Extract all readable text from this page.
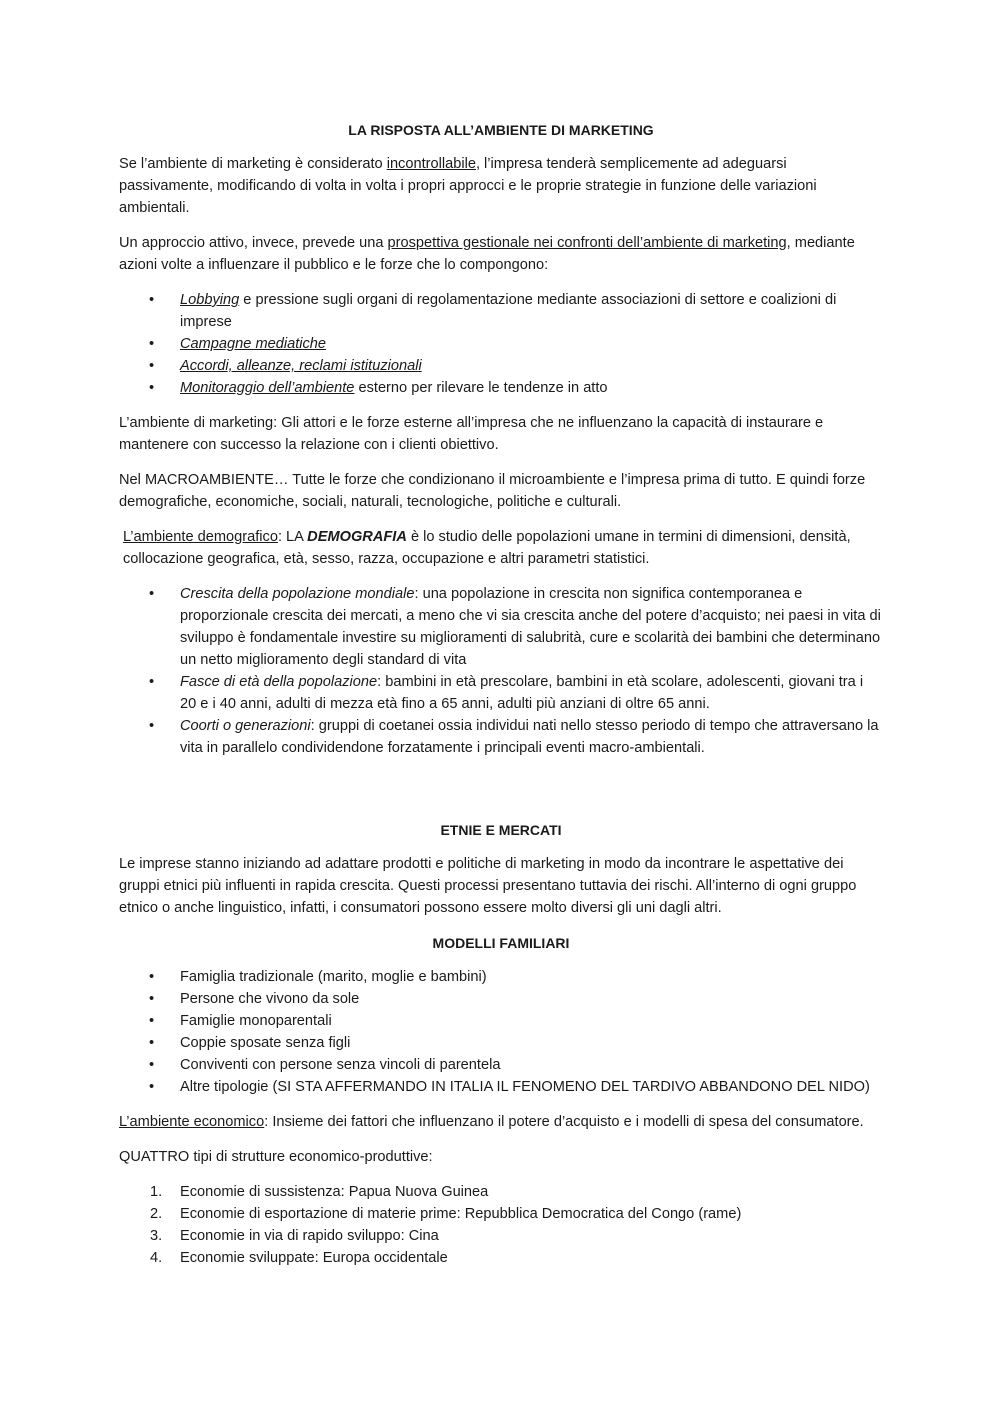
LA RISPOSTA ALL’AMBIENTE DI MARKETING

Se l’ambiente di marketing è considerato incontrollabile, l’impresa tenderà semplicemente ad adeguarsi passivamente, modificando di volta in volta i propri approcci e le proprie strategie in funzione delle variazioni ambientali.

Un approccio attivo, invece, prevede una prospettiva gestionale nei confronti dell’ambiente di marketing, mediante azioni volte a influenzare il pubblico e le forze che lo compongono:

•	Lobbying e pressione sugli organi di regolamentazione mediante associazioni di settore e coalizioni di imprese
•	Campagne mediatiche
•	Accordi, alleanze, reclami istituzionali
•	Monitoraggio dell’ambiente esterno per rilevare le tendenze in atto

L’ambiente di marketing: Gli attori e le forze esterne all’impresa che ne influenzano la capacità di instaurare e mantenere con successo la relazione con i clienti obiettivo.

Nel MACROAMBIENTE… Tutte le forze che condizionano il microambiente e l’impresa prima di tutto. E quindi forze demografiche, economiche, sociali, naturali, tecnologiche, politiche e culturali.

L’ambiente demografico: LA DEMOGRAFIA è lo studio delle popolazioni umane in termini di dimensioni, densità, collocazione geografica, età, sesso, razza, occupazione e altri parametri statistici.

•	Crescita della popolazione mondiale: una popolazione in crescita non significa contemporanea e proporzionale crescita dei mercati, a meno che vi sia crescita anche del potere d’acquisto; nei paesi in vita di sviluppo è fondamentale investire su miglioramenti di salubrità, cure e scolarità dei bambini che determinano un netto miglioramento degli standard di vita
•	Fasce di età della popolazione: bambini in età prescolare, bambini in età scolare, adolescenti, giovani tra i 20 e i 40 anni, adulti di mezza età fino a 65 anni, adulti più anziani di oltre 65 anni.
•	Coorti o generazioni: gruppi di coetanei ossia individui nati nello stesso periodo di tempo che attraversano la vita in parallelo condividendone forzatamente i principali eventi macro-ambientali.
ETNIE E MERCATI

Le imprese stanno iniziando ad adattare prodotti e politiche di marketing in modo da incontrare le aspettative dei gruppi etnici più influenti in rapida crescita. Questi processi presentano tuttavia dei rischi. All’interno di ogni gruppo etnico o anche linguistico, infatti, i consumatori possono essere molto diversi gli uni dagli altri.

MODELLI FAMILIARI
•	Famiglia tradizionale (marito, moglie e bambini)
•	Persone che vivono da sole
•	Famiglie monoparentali
•	Coppie sposate senza figli
•	Conviventi con persone senza vincoli di parentela
•	Altre tipologie (SI STA AFFERMANDO IN ITALIA IL FENOMENO DEL TARDIVO ABBANDONO DEL NIDO)

L’ambiente economico: Insieme dei fattori che influenzano il potere d’acquisto e i modelli di spesa del consumatore.

QUATTRO tipi di strutture economico-produttive:

1.	Economie di sussistenza: Papua Nuova Guinea
2.	Economie di esportazione di materie prime: Repubblica Democratica del Congo (rame)
3.	Economie in via di rapido sviluppo: Cina
4.	Economie sviluppate: Europa occidentale
